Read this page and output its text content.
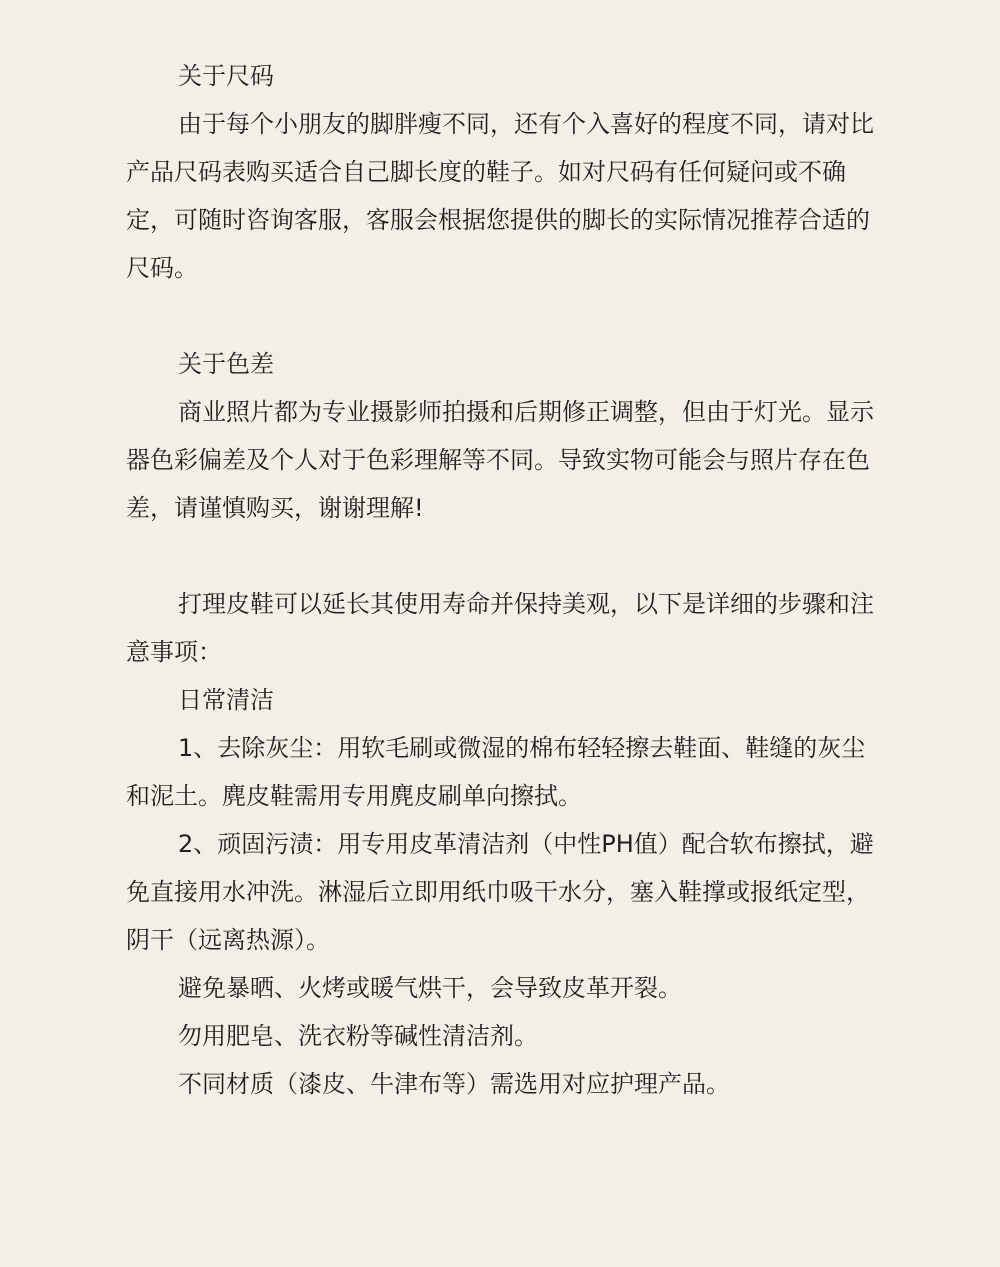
关于尺码

由于每个小朋友的脚胖瘦不同，还有个入喜好的程度不同，请对比产品尺码表购买适合自己脚长度的鞋子。如对尺码有任何疑问或不确定，可随时咨询客服，客服会根据您提供的脚长的实际情况推荐合适的尺码。

关于色差

商业照片都为专业摄影师拍摄和后期修正调整，但由于灯光。显示器色彩偏差及个人对于色彩理解等不同。导致实物可能会与照片存在色差，请谨慎购买，谢谢理解!

打理皮鞋可以延长其使用寿命并保持美观，以下是详细的步骤和注意事项：

日常清洁

1、去除灰尘：用软毛刷或微湿的棉布轻轻擦去鞋面、鞋缝的灰尘和泥土。麂皮鞋需用专用麂皮刷单向擦拭。

2、顽固污渍：用专用皮革清洁剂（中性PH值）配合软布擦拭，避免直接用水冲洗。淋湿后立即用纸巾吸干水分，塞入鞋撑或报纸定型，阴干（远离热源）。

避免暴晒、火烤或暖气烘干，会导致皮革开裂。

勿用肥皂、洗衣粉等碱性清洁剂。

不同材质（漆皮、牛津布等）需选用对应护理产品。
